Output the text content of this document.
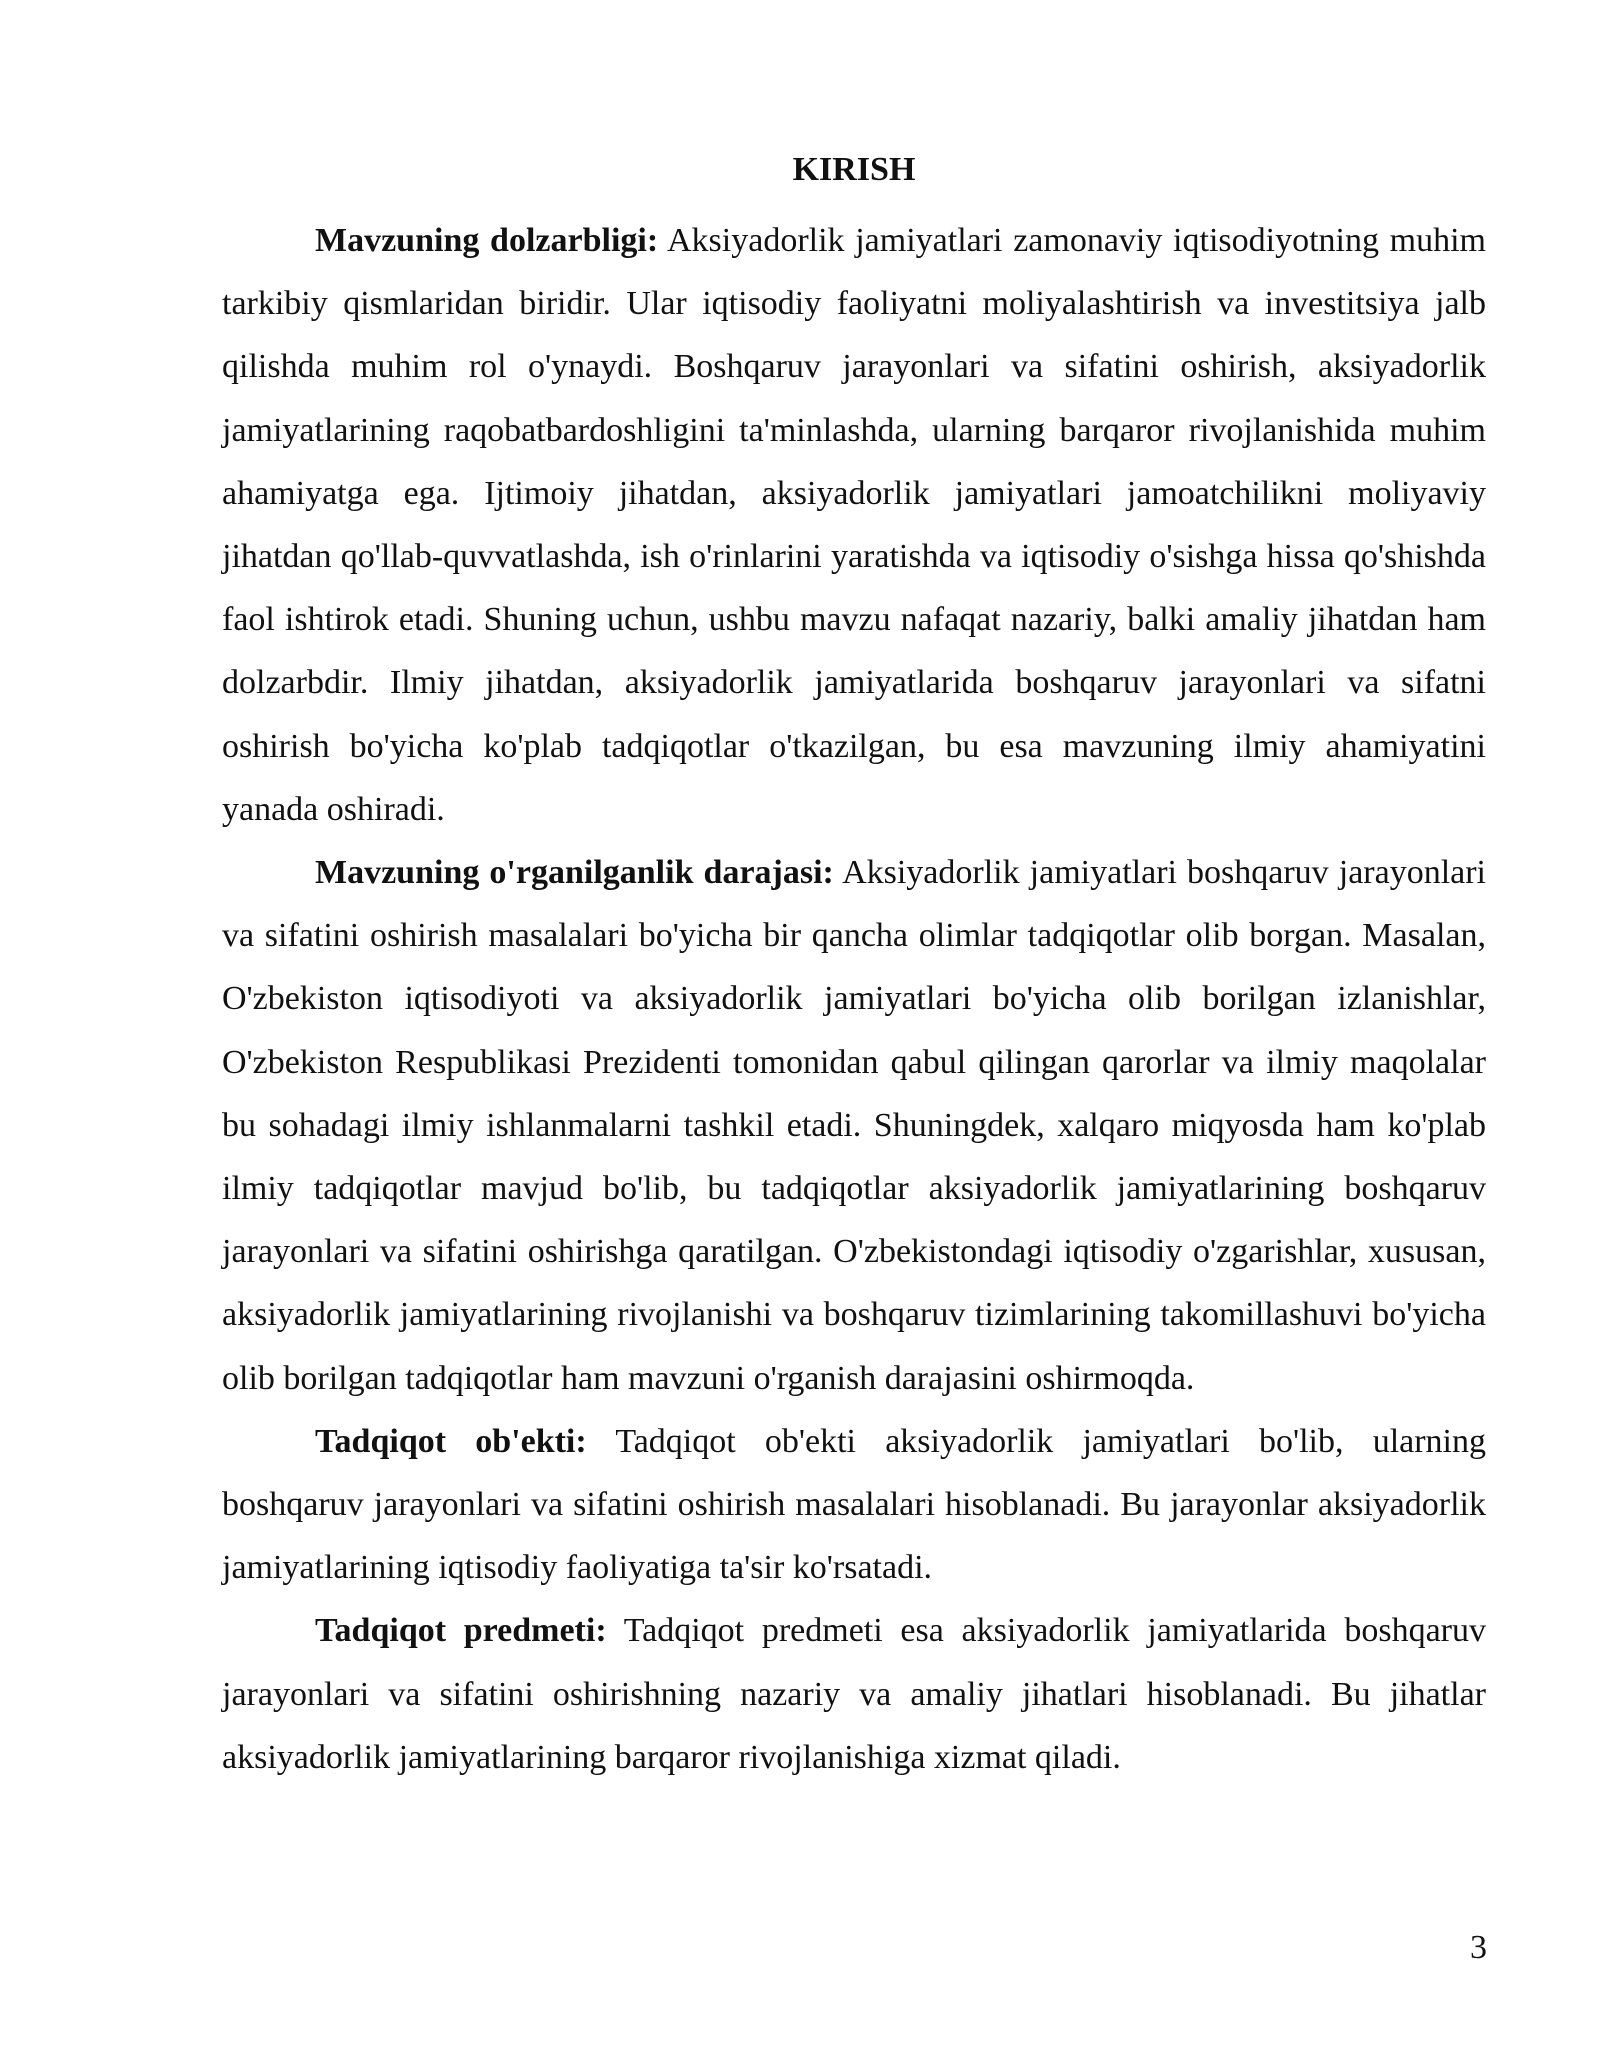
KIRISH

Mavzuning dolzarbligi: Aksiyadorlik jamiyatlari zamonaviy iqtisodiyotning muhim tarkibiy qismlaridan biridir. Ular iqtisodiy faoliyatni moliyalashtirish va investitsiya jalb qilishda muhim rol o'ynaydi. Boshqaruv jarayonlari va sifatini oshirish, aksiyadorlik jamiyatlarining raqobatbardoshligini ta'minlashda, ularning barqaror rivojlanishida muhim ahamiyatga ega. Ijtimoiy jihatdan, aksiyadorlik jamiyatlari jamoatchilikni moliyaviy jihatdan qo'llab-quvvatlashda, ish o'rinlarini yaratishda va iqtisodiy o'sishga hissa qo'shishda faol ishtirok etadi. Shuning uchun, ushbu mavzu nafaqat nazariy, balki amaliy jihatdan ham dolzarbdir. Ilmiy jihatdan, aksiyadorlik jamiyatlarida boshqaruv jarayonlari va sifatni oshirish bo'yicha ko'plab tadqiqotlar o'tkazilgan, bu esa mavzuning ilmiy ahamiyatini yanada oshiradi.

Mavzuning o'rganilganlik darajasi: Aksiyadorlik jamiyatlari boshqaruv jarayonlari va sifatini oshirish masalalari bo'yicha bir qancha olimlar tadqiqotlar olib borgan. Masalan, O'zbekiston iqtisodiyoti va aksiyadorlik jamiyatlari bo'yicha olib borilgan izlanishlar, O'zbekiston Respublikasi Prezidenti tomonidan qabul qilingan qarorlar va ilmiy maqolalar bu sohadagi ilmiy ishlanmalarni tashkil etadi. Shuningdek, xalqaro miqyosda ham ko'plab ilmiy tadqiqotlar mavjud bo'lib, bu tadqiqotlar aksiyadorlik jamiyatlarining boshqaruv jarayonlari va sifatini oshirishga qaratilgan. O'zbekistondagi iqtisodiy o'zgarishlar, xususan, aksiyadorlik jamiyatlarining rivojlanishi va boshqaruv tizimlarining takomillashuvi bo'yicha olib borilgan tadqiqotlar ham mavzuni o'rganish darajasini oshirmoqda.

Tadqiqot ob'ekti: Tadqiqot ob'ekti aksiyadorlik jamiyatlari bo'lib, ularning boshqaruv jarayonlari va sifatini oshirish masalalari hisoblanadi. Bu jarayonlar aksiyadorlik jamiyatlarining iqtisodiy faoliyatiga ta'sir ko'rsatadi.

Tadqiqot predmeti: Tadqiqot predmeti esa aksiyadorlik jamiyatlarida boshqaruv jarayonlari va sifatini oshirishning nazariy va amaliy jihatlari hisoblanadi. Bu jihatlar aksiyadorlik jamiyatlarining barqaror rivojlanishiga xizmat qiladi.

3
